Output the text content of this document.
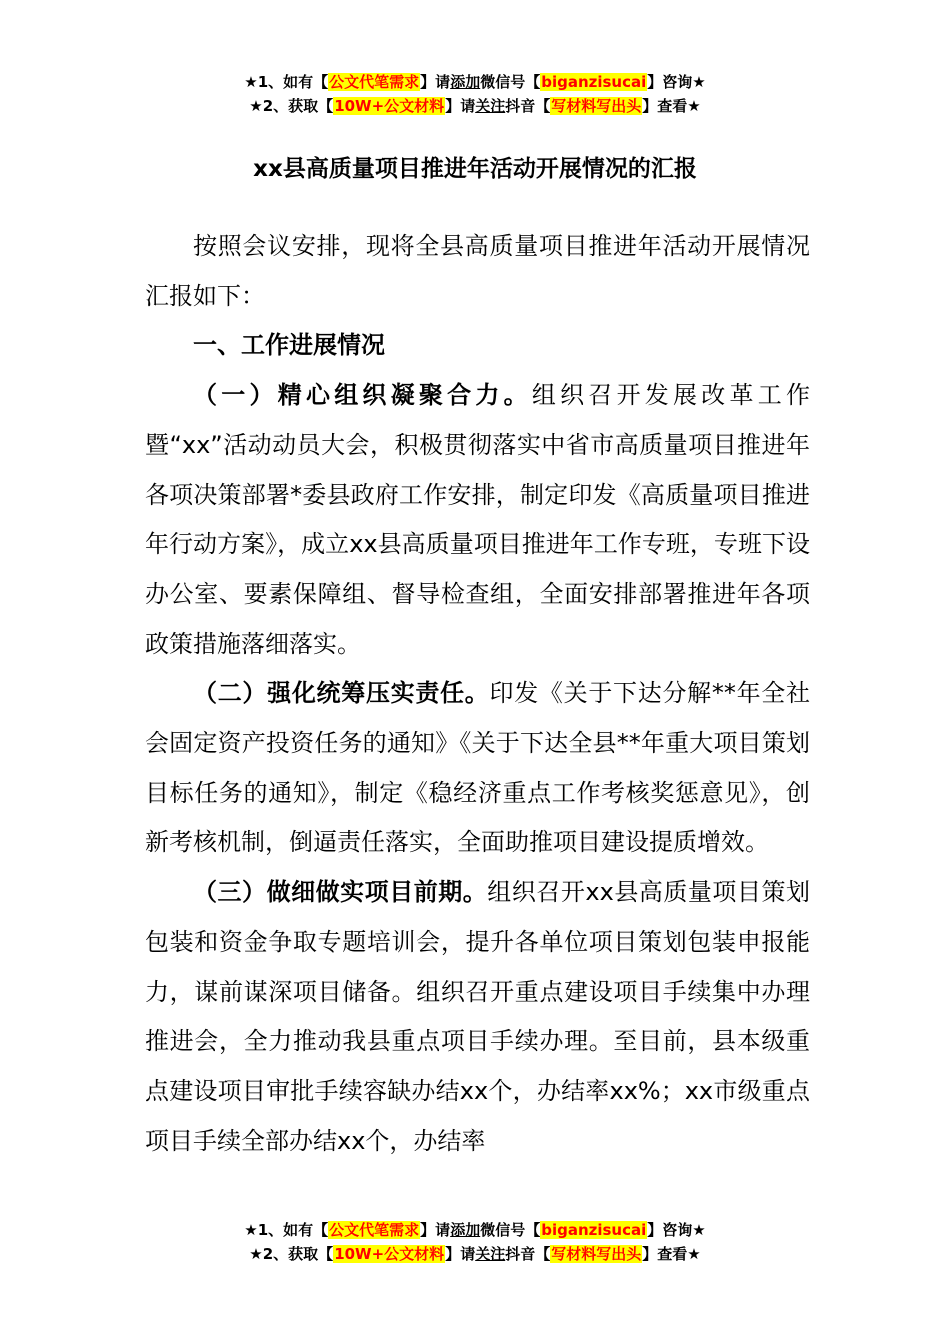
★1、如有【公文代笔需求】请添加微信号【biganzisucai】咨询★
★2、获取【10W+公文材料】请关注抖音【写材料写出头】查看★
xx县高质量项目推进年活动开展情况的汇报

按照会议安排，现将全县高质量项目推进年活动开展情况汇报如下：

一、工作进展情况

（一）精心组织凝聚合力。组织召开发展改革工作暨“xx”活动动员大会，积极贯彻落实中省市高质量项目推进年各项决策部署*委县政府工作安排，制定印发《高质量项目推进年行动方案》，成立xx县高质量项目推进年工作专班，专班下设办公室、要素保障组、督导检查组，全面安排部署推进年各项政策措施落细落实。

（二）强化统筹压实责任。印发《关于下达分解**年全社会固定资产投资任务的通知》《关于下达全县**年重大项目策划目标任务的通知》，制定《稳经济重点工作考核奖惩意见》，创新考核机制，倒逼责任落实，全面助推项目建设提质增效。

（三）做细做实项目前期。组织召开xx县高质量项目策划包装和资金争取专题培训会，提升各单位项目策划包装申报能力，谋前谋深项目储备。组织召开重点建设项目手续集中办理推进会，全力推动我县重点项目手续办理。至目前，县本级重点建设项目审批手续容缺办结xx个，办结率xx%；xx市级重点项目手续全部办结xx个，办结率

★1、如有【公文代笔需求】请添加微信号【biganzisucai】咨询★
★2、获取【10W+公文材料】请关注抖音【写材料写出头】查看★
